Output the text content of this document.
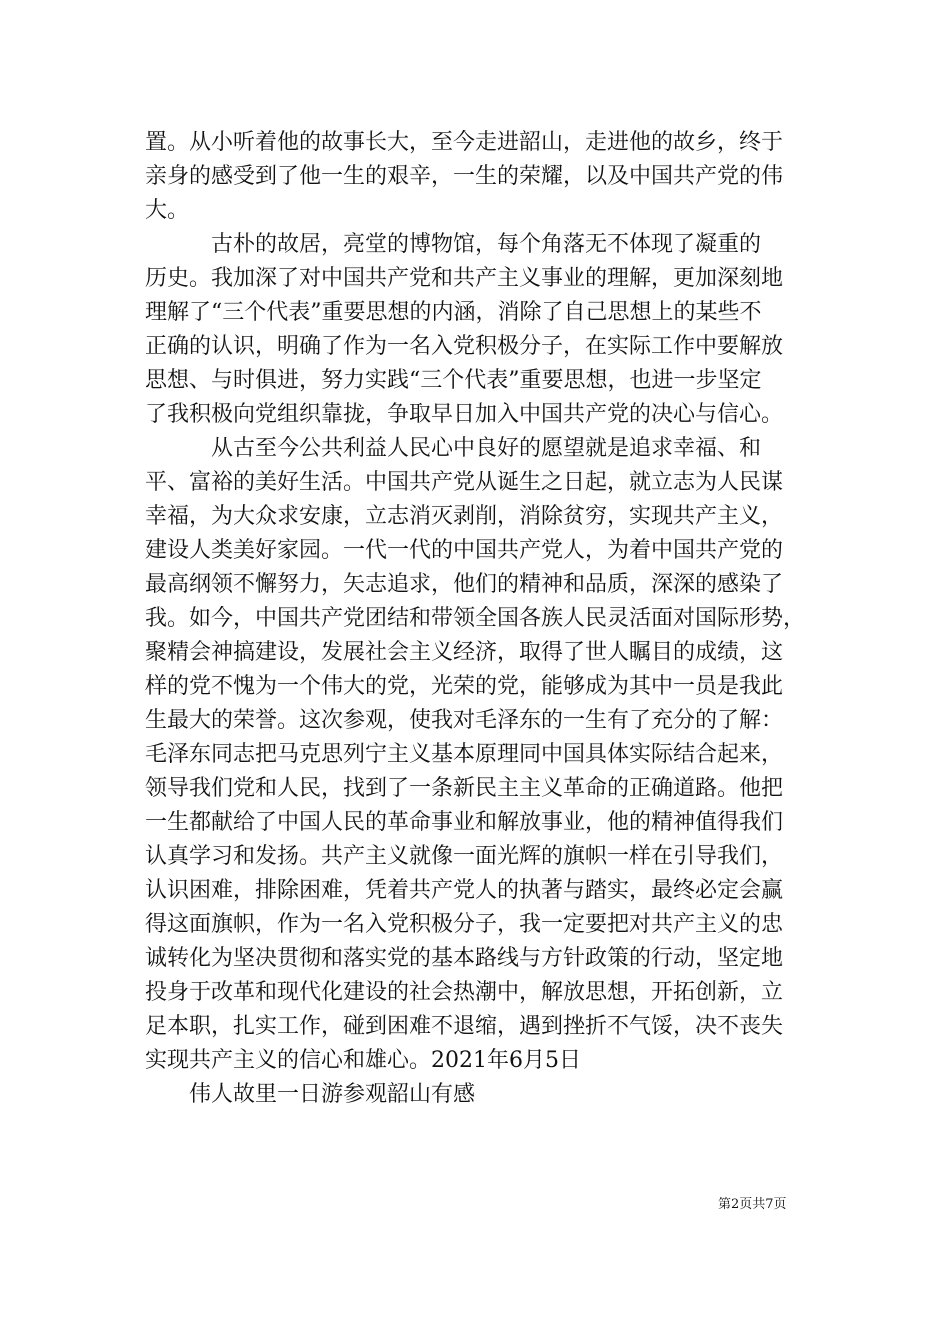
置。从小听着他的故事长大，至今走进韶山，走进他的故乡，终于

亲身的感受到了他一生的艰辛，一生的荣耀，以及中国共产党的伟

大。

　　　古朴的故居，亮堂的博物馆，每个角落无不体现了凝重的

历史。我加深了对中国共产党和共产主义事业的理解，更加深刻地

理解了“三个代表”重要思想的内涵，消除了自己思想上的某些不

正确的认识，明确了作为一名入党积极分子，在实际工作中要解放

思想、与时俱进，努力实践“三个代表”重要思想，也进一步坚定

了我积极向党组织靠拢，争取早日加入中国共产党的决心与信心。

　　　从古至今公共利益人民心中良好的愿望就是追求幸福、和

平、富裕的美好生活。中国共产党从诞生之日起，就立志为人民谋

幸福，为大众求安康，立志消灭剥削，消除贫穷，实现共产主义，

建设人类美好家园。一代一代的中国共产党人，为着中国共产党的

最高纲领不懈努力，矢志追求，他们的精神和品质，深深的感染了

我。如今，中国共产党团结和带领全国各族人民灵活面对国际形势，

聚精会神搞建设，发展社会主义经济，取得了世人瞩目的成绩，这

样的党不愧为一个伟大的党，光荣的党，能够成为其中一员是我此

生最大的荣誉。这次参观，使我对毛泽东的一生有了充分的了解：

毛泽东同志把马克思列宁主义基本原理同中国具体实际结合起来，

领导我们党和人民，找到了一条新民主主义革命的正确道路。他把

一生都献给了中国人民的革命事业和解放事业，他的精神值得我们

认真学习和发扬。共产主义就像一面光辉的旗帜一样在引导我们，

认识困难，排除困难，凭着共产党人的执著与踏实，最终必定会赢

得这面旗帜，作为一名入党积极分子，我一定要把对共产主义的忠

诚转化为坚决贯彻和落实党的基本路线与方针政策的行动，坚定地

投身于改革和现代化建设的社会热潮中，解放思想，开拓创新，立

足本职，扎实工作，碰到困难不退缩，遇到挫折不气馁，决不丧失

实现共产主义的信心和雄心。2021年6月5日

　　伟人故里一日游参观韶山有感

第2页共7页
